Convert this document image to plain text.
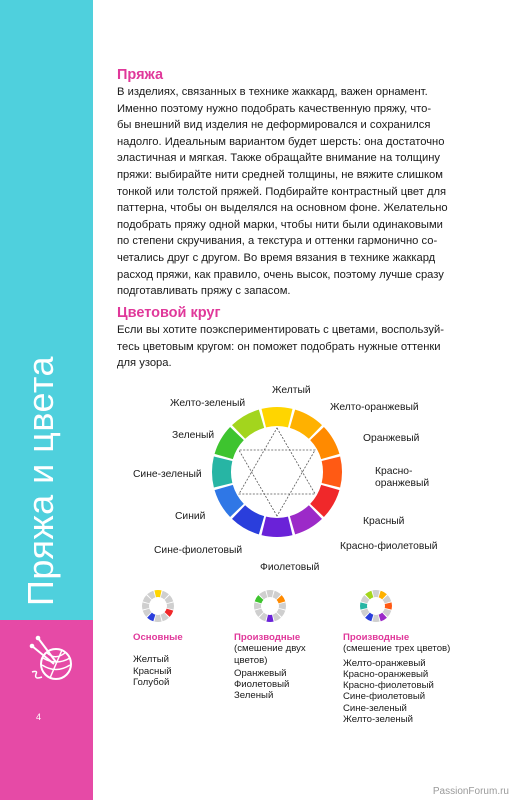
Пряжа и цвета
4
Пряжа

В изделиях, связанных в технике жаккард, важен орнамент.
Именно поэтому нужно подобрать качественную пряжу, что-
бы внешний вид изделия не деформировался и сохранился
надолго. Идеальным вариантом будет шерсть: она достаточно
эластичная и мягкая. Также обращайте внимание на толщину
пряжи: выбирайте нити средней толщины, не вяжите слишком
тонкой или толстой пряжей. Подбирайте контрастный цвет для
паттерна, чтобы он выделялся на основном фоне. Желательно
подобрать пряжу одной марки, чтобы нити были одинаковыми
по степени скручивания, а текстура и оттенки гармонично со-
четались друг с другом. Во время вязания в технике жаккард
расход пряжи, как правило, очень высок, поэтому лучше сразу
подготавливать пряжу с запасом.

Цветовой круг

Если вы хотите поэкспериментировать с цветами, воспользуй-
тесь цветовым кругом: он поможет подобрать нужные оттенки
для узора.

Желтый
Желто-оранжевый
Оранжевый
Красно-
оранжевый
Красный
Красно-фиолетовый
Фиолетовый
Сине-фиолетовый
Синий
Сине-зеленый
Зеленый
Желто-зеленый
Основные
Желтый
Красный
Голубой
Производные
(смешение двух
цветов)
Оранжевый
Фиолетовый
Зеленый
Производные
(смешение трех цветов)
Желто-оранжевый
Красно-оранжевый
Красно-фиолетовый
Сине-фиолетовый
Сине-зеленый
Желто-зеленый
PassionForum.ru
